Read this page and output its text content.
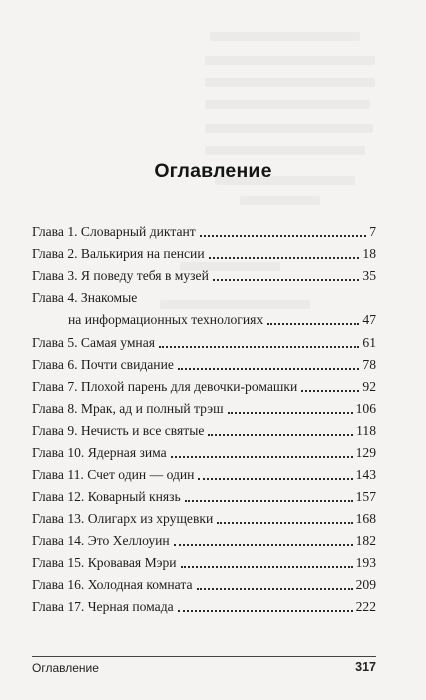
Оглавление
Глава 1. Словарный диктант	7
Глава 2. Валькирия на пенсии	18
Глава 3. Я поведу тебя в музей	35
Глава 4. Знакомые
на информационных технологиях	47
Глава 5. Самая умная	61
Глава 6. Почти свидание	78
Глава 7. Плохой парень для девочки-ромашки	92
Глава 8. Мрак, ад и полный трэш	106
Глава 9. Нечисть и все святые	118
Глава 10. Ядерная зима	129
Глава 11. Счет один — один	143
Глава 12. Коварный князь	157
Глава 13. Олигарх из хрущевки	168
Глава 14. Это Хеллоуин	182
Глава 15. Кровавая Мэри	193
Глава 16. Холодная комната	209
Глава 17. Черная помада	222
Оглавление	317
